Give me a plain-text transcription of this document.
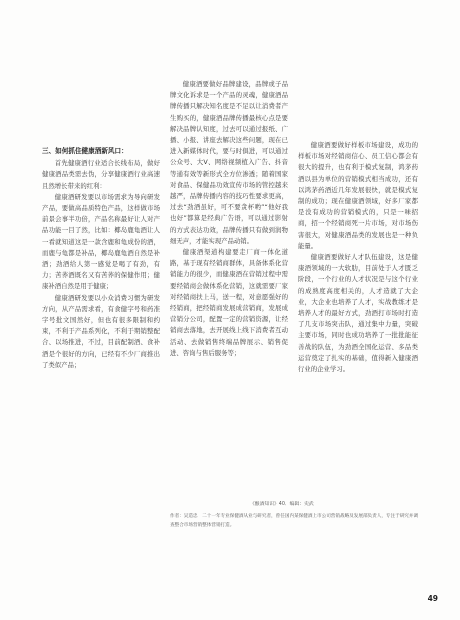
三、如何抓住健康酒新风口：

首先健康酒行业适合长线布局，做好健康酒品类需去伪，分享健康酒行业高速且然增长带来的红利：

健康酒研发要以市场需求为导向研发产品，要做高品质特色产品，这样做市场前景会事半功倍，产品名称最好让人对产品功能一目了然，比如：椰岛鹿龟酒让人一看就知道这是一款含鹿和龟成份的酒，而鹿与龟都是补品，椰岛鹿龟酒自然是补酒；劲酒给人第一感觉是喝了有劲，有力；苦荞酒既名又有苦荞的保健作用；健康补酒自然是用于健康；

健康酒研发要以小众消费习惯为研发方向，从产品需求看，有食健字号和药准字号批文国然好，但也有很多限制和约束，不利于产品系列化，不利于期销整配合、以场推进，不过，目前配制酒、食补酒是个很好的方向，已经有不少厂商推出了类似产品；

健康酒要做好品牌建设，品牌或子品牌文化诉求是一个产品的灵魂，健康酒品牌传播只解决知名度是不足以让消费者产生购买的，健康酒品牌传播最核心点是要解决品牌认知度，过去可以通过报纸、广播、小报、讲座去解决这些问题，现在已进入新媒体时代，要与时俱进，可以通过公众号、大V、网络视频植入广告、抖音等通有效等新形式全方位渗透；随着国家对食品、保健品功效宣传市场的管控越来越严，品牌传播内容的技巧性要求更高，过去“劲酒虽好，可不要贪杯哟”“他好我也好”都算是经典广告语，可以通过影射的方式表达功效，品牌传播只有做到润物细无声，才能实现产品动销。

健康酒渠道构建要走厂商一体化道路，基于现有经销商群体，具备体系化营销能力的很少，而健康酒在营销过程中需要经销商会做体系化营销，这就需要厂家对经销商扶上马，送一程，对意愿强好的经销商，把经销商发展成营销商，发展成营销分公司，配置一定的营销资源，让经销商去落地，去开展线上线下消费者互动活动、去做销售终端品牌展示、销售促进、咨询与售后服务等；

健康酒要做好样板市场建设，成功的样板市场对经销商信心、员工信心都会有很大的提升，也有利于模式复制，鸿茅药酒以县为单位的营销模式相当成功，还有以鸿茅药酒近几年发展很快，就是模式复制的成功；现在健康酒领域，好多厂家都是没有成功的营销模式的，只是一味招商，招一个经销商死一片市场，对市场伤害很大，对健康酒品类的发展也是一种负能量。

健康酒要做好人才队伍建设，这是健康酒领域的一大软肋，目前处于人才匮乏阶段，一个行业的人才状况是与这个行业的成熟度高度相关的，人才造就了大企业，大企业也培养了人才，实战教练才是培养人才的最好方式，劲酒打市场时打造了几支市场突击队，通过集中力量，突破主要市场，同时也成功培养了一批批能征善战的队伍，为劲酒全国化运营、多品类运营奠定了扎实的基础，值得新入健康酒行业的企业学习。

《酿酒知识》40．编辑：史武

作者：吴造忠　二十一年专业保健酒从业与研究者，曾任国内某保健酒上市公司营销战略及发展部负责人，专注于研究并调查整合市场营销整体营销打造。

49
